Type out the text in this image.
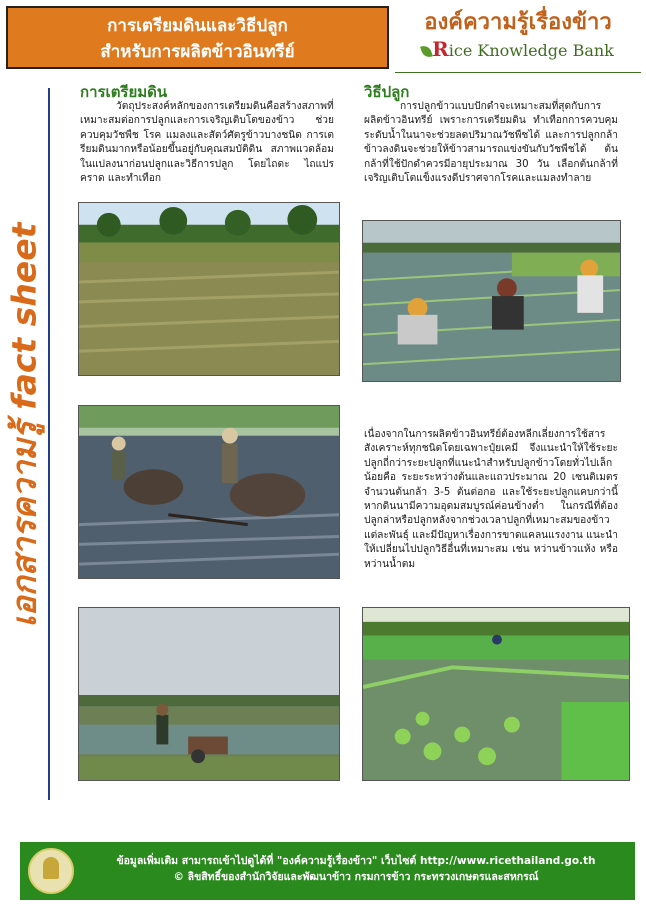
การเตรียมดินและวิธีปลูก
สำหรับการผลิตข้าวอินทรีย์
องค์ความรู้เรื่องข้าว
Rice Knowledge Bank
เอกสารความรู้ fact sheet
การเตรียมดิน

วัตถุประสงค์หลักของการเตรียมดินคือสร้างสภาพที่เหมาะสมต่อการปลูกและการเจริญเติบโตของข้าว ช่วยควบคุมวัชพืช โรค แมลงและสัตว์ศัตรูข้าวบางชนิด การเตรียมดินมากหรือน้อยขึ้นอยู่กับคุณสมบัติดิน สภาพแวดล้อมในแปลงนาก่อนปลูกและวิธีการปลูก โดยไถดะ ไถแปร คราด และทำเทือก

วิธีปลูก

การปลูกข้าวแบบปักดำจะเหมาะสมที่สุดกับการผลิตข้าวอินทรีย์ เพราะการเตรียมดิน ทำเทือกการควบคุมระดับน้ำในนาจะช่วยลดปริมาณวัชพืชได้ และการปลูกกล้าข้าวลงดินจะช่วยให้ข้าวสามารถแข่งขันกับวัชพืชได้ ต้นกล้าที่ใช้ปักดำควรมีอายุประมาณ 30 วัน เลือกต้นกล้าที่เจริญเติบโตแข็งแรงดีปราศจากโรคและแมลงทำลาย

เนื่องจากในการผลิตข้าวอินทรีย์ต้องหลีกเลี่ยงการใช้สารสังเคราะห์ทุกชนิดโดยเฉพาะปุ๋ยเคมี จึงแนะนำให้ใช้ระยะปลูกถี่กว่าระยะปลูกที่แนะนำสำหรับปลูกข้าวโดยทั่วไปเล็กน้อยคือ ระยะระหว่างต้นและแถวประมาณ 20 เซนติเมตร จำนวนต้นกล้า 3-5 ต้นต่อกอ และใช้ระยะปลูกแคบกว่านี้หากดินนามีความอุดมสมบูรณ์ค่อนข้างต่ำ ในกรณีที่ต้องปลูกล่าหรือปลูกหลังจากช่วงเวลาปลูกที่เหมาะสมของข้าวแต่ละพันธุ์ และมีปัญหาเรื่องการขาดแคลนแรงงาน แนะนำให้เปลี่ยนไปปลูกวิธีอื่นที่เหมาะสม เช่น หว่านข้าวแห้ง หรือหว่านน้ำตม

ข้อมูลเพิ่มเติม สามารถเข้าไปดูได้ที่ "องค์ความรู้เรื่องข้าว" เว็บไซต์ http://www.ricethailand.go.th
© ลิขสิทธิ์ของสำนักวิจัยและพัฒนาข้าว กรมการข้าว กระทรวงเกษตรและสหกรณ์
